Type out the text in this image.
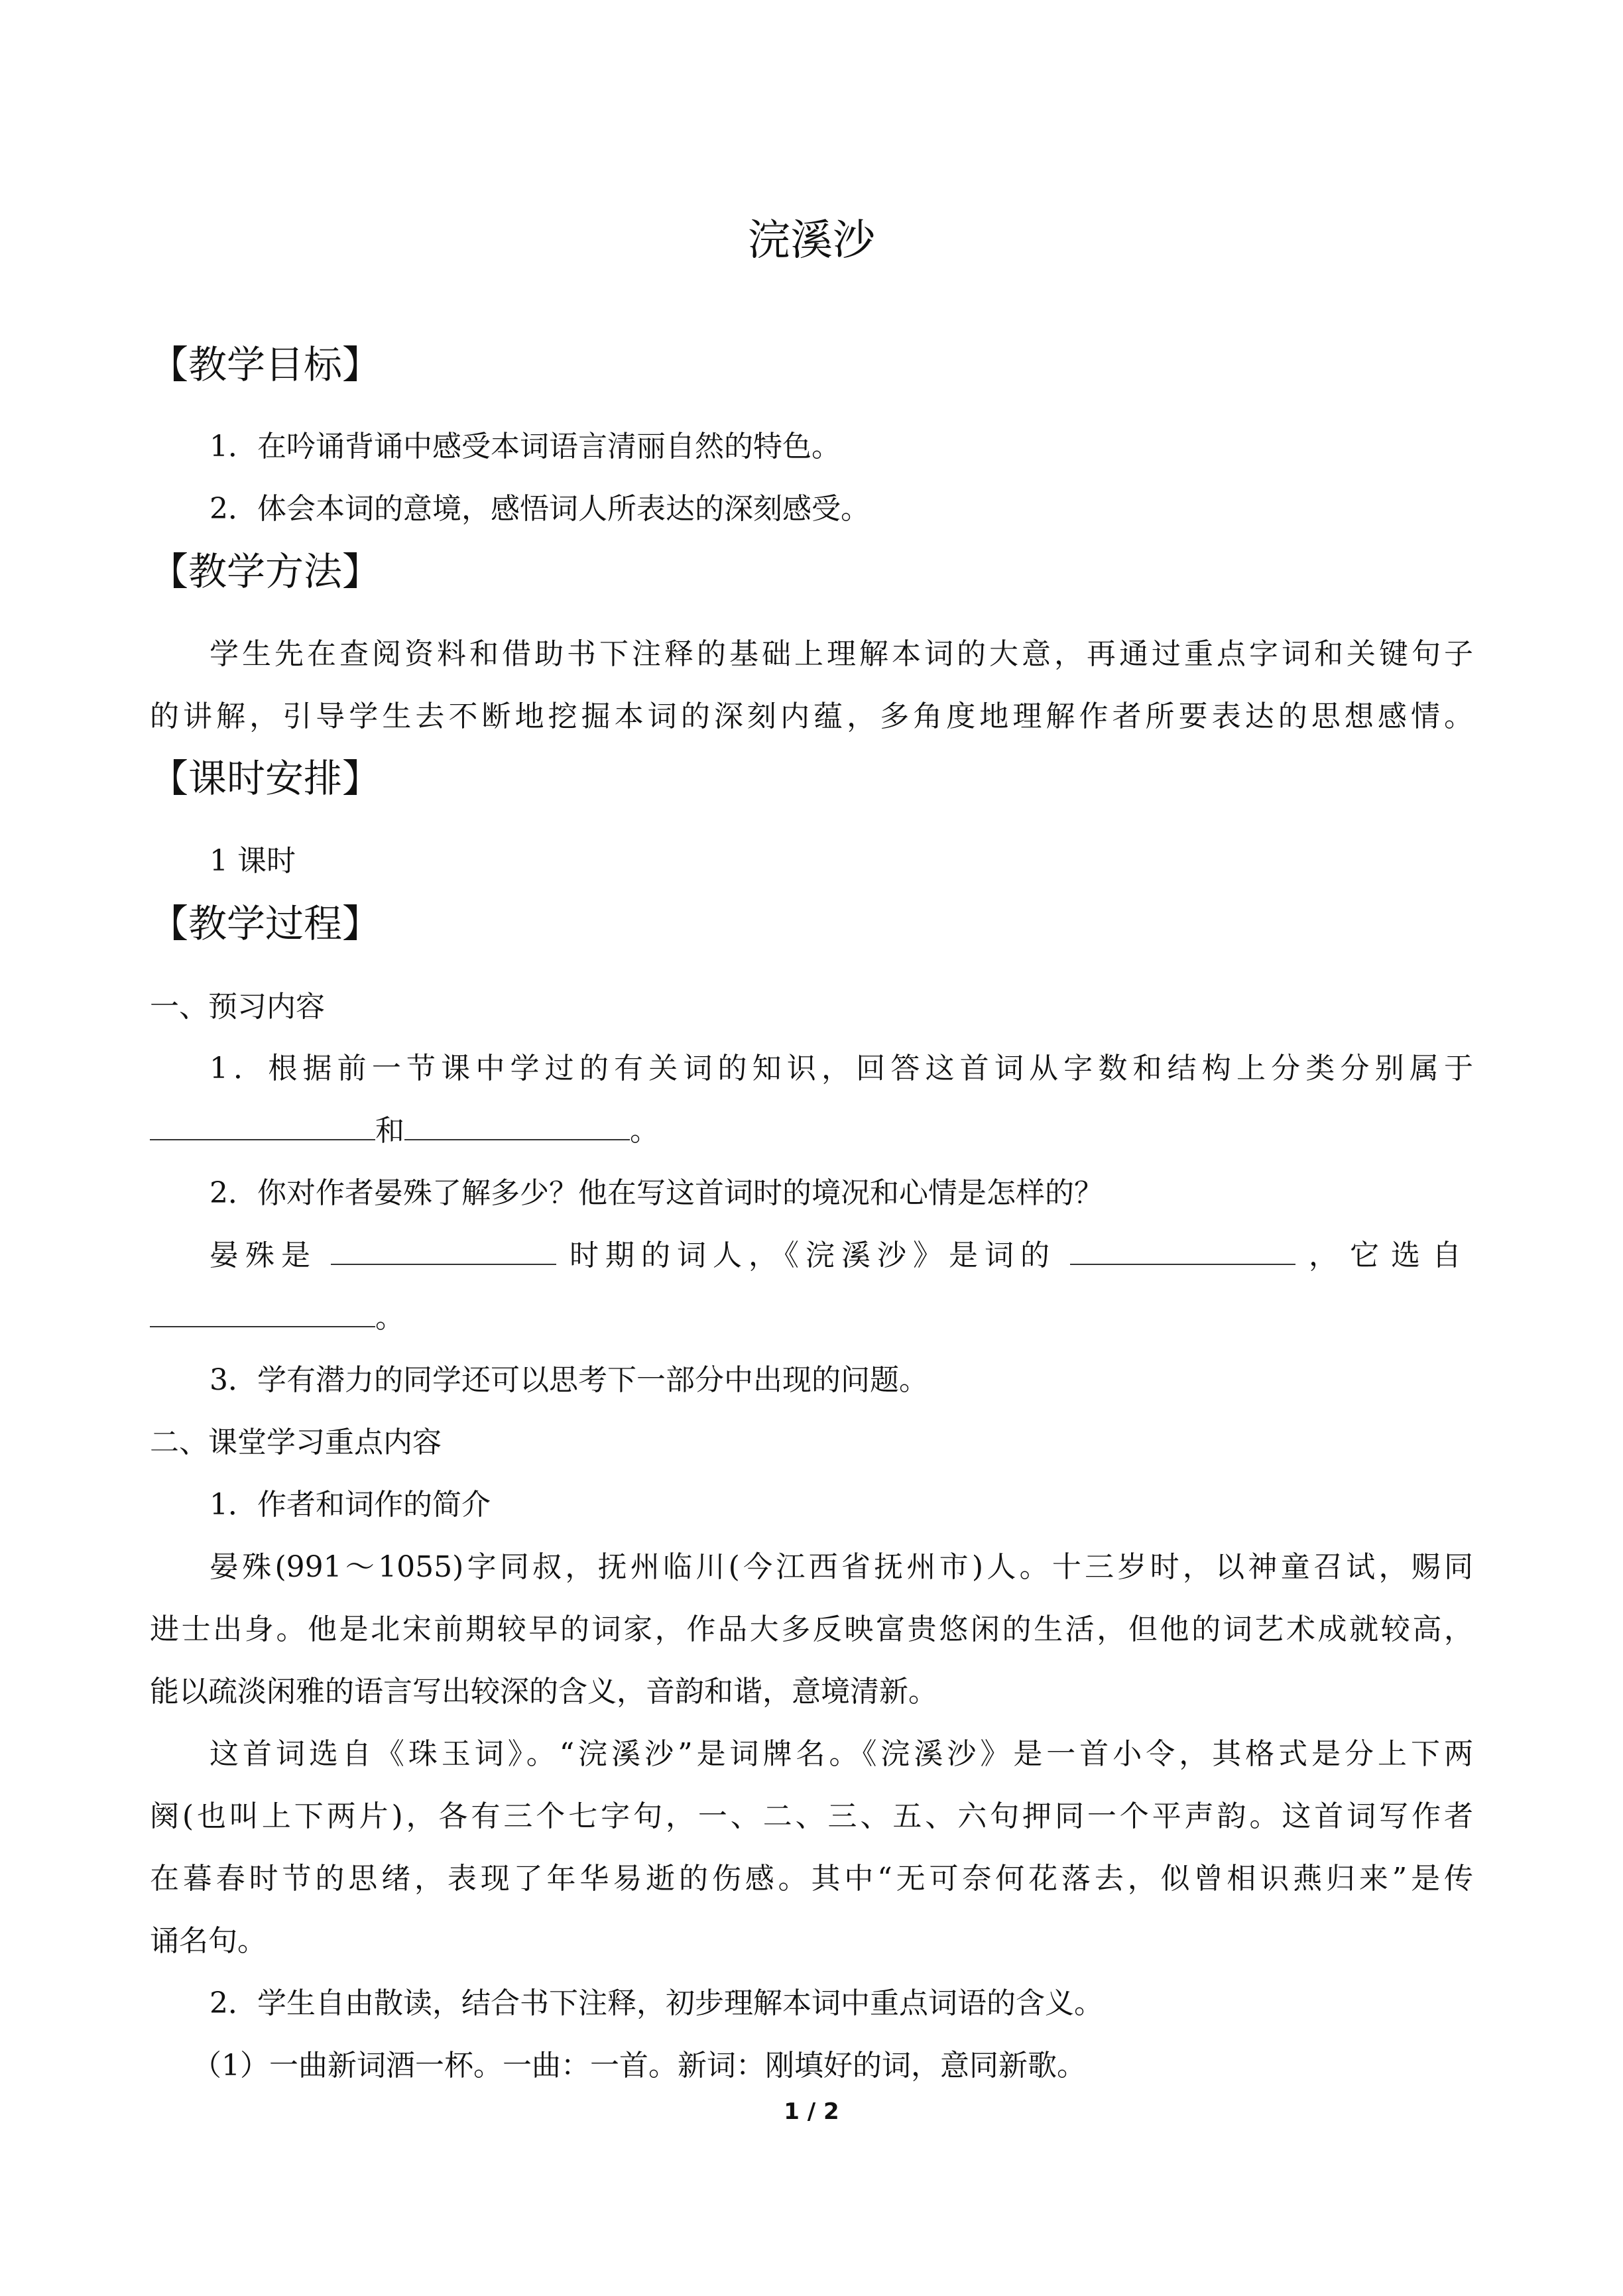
浣溪沙
【教学目标】
1．在吟诵背诵中感受本词语言清丽自然的特色。
2．体会本词的意境，感悟词人所表达的深刻感受。
【教学方法】
学生先在查阅资料和借助书下注释的基础上理解本词的大意，再通过重点字词和关键句子
的讲解，引导学生去不断地挖掘本词的深刻内蕴，多角度地理解作者所要表达的思想感情。
【课时安排】
1 课时
【教学过程】
一、预习内容
1．根据前一节课中学过的有关词的知识，回答这首词从字数和结构上分类分别属于
和	。
2．你对作者晏殊了解多少？他在写这首词时的境况和心情是怎样的？
晏殊是	时期的词人，《浣溪沙》是词的	，它选自
。
3．学有潜力的同学还可以思考下一部分中出现的问题。
二、课堂学习重点内容
1．作者和词作的简介
晏殊(991～1055)字同叔，抚州临川(今江西省抚州市)人。十三岁时，以神童召试，赐同
进士出身。他是北宋前期较早的词家，作品大多反映富贵悠闲的生活，但他的词艺术成就较高，
能以疏淡闲雅的语言写出较深的含义，音韵和谐，意境清新。
这首词选自《珠玉词》。“浣溪沙”是词牌名。《浣溪沙》是一首小令，其格式是分上下两
阕(也叫上下两片)，各有三个七字句，一、二、三、五、六句押同一个平声韵。这首词写作者
在暮春时节的思绪，表现了年华易逝的伤感。其中“无可奈何花落去，似曾相识燕归来”是传
诵名句。
2．学生自由散读，结合书下注释，初步理解本词中重点词语的含义。
（1）一曲新词酒一杯。一曲：一首。新词：刚填好的词，意同新歌。
1 / 2
